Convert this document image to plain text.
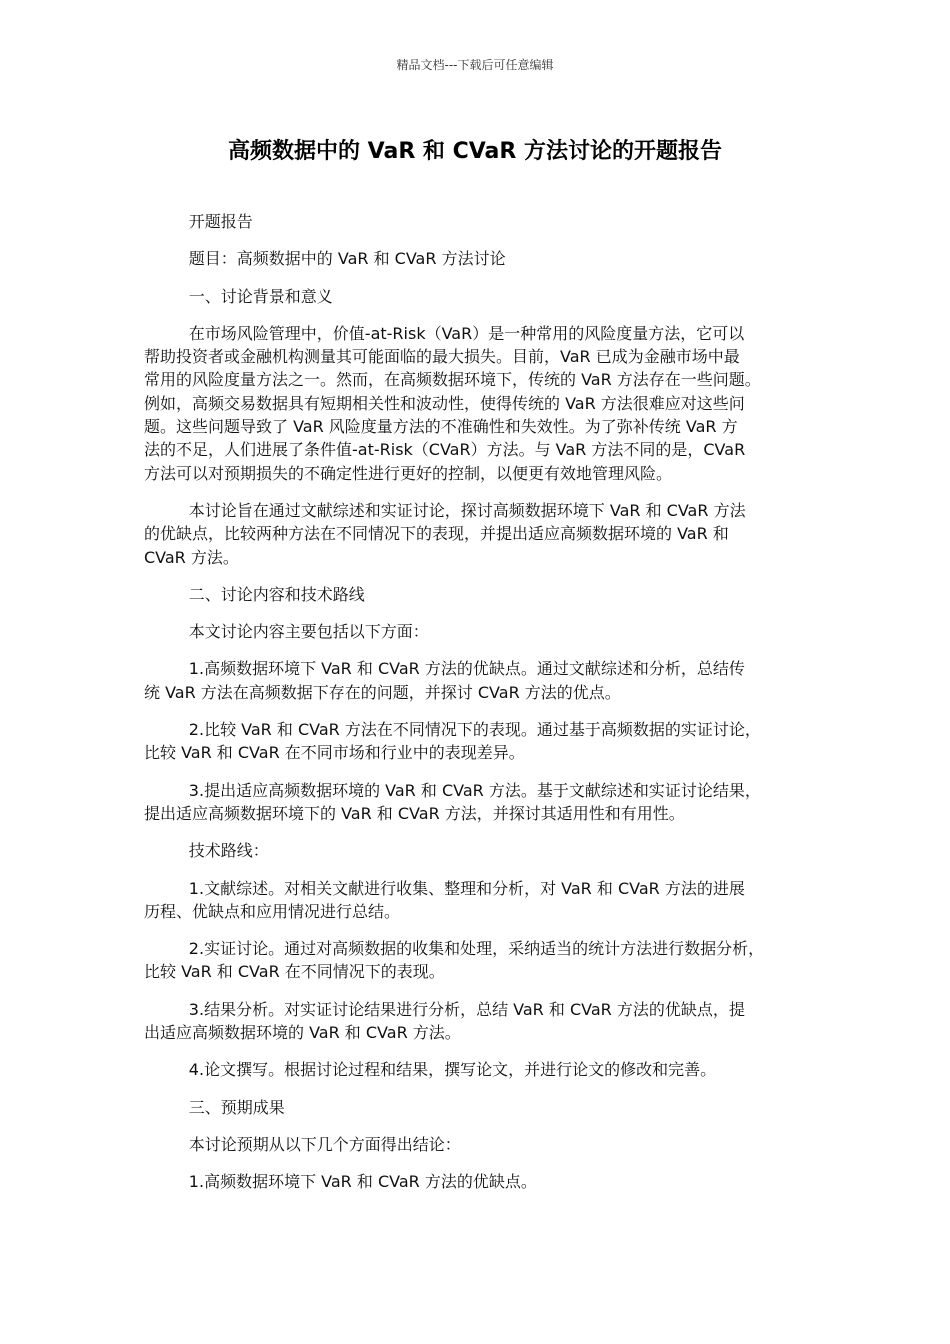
精品文档---下载后可任意编辑
高频数据中的 VaR 和 CVaR 方法讨论的开题报告

开题报告

题目：高频数据中的 VaR 和 CVaR 方法讨论

一、讨论背景和意义

在市场风险管理中，价值-at-Risk（VaR）是一种常用的风险度量方法，它可以
帮助投资者或金融机构测量其可能面临的最大损失。目前，VaR 已成为金融市场中最
常用的风险度量方法之一。然而，在高频数据环境下，传统的 VaR 方法存在一些问题。
例如，高频交易数据具有短期相关性和波动性，使得传统的 VaR 方法很难应对这些问
题。这些问题导致了 VaR 风险度量方法的不准确性和失效性。为了弥补传统 VaR 方
法的不足，人们进展了条件值-at-Risk（CVaR）方法。与 VaR 方法不同的是，CVaR
方法可以对预期损失的不确定性进行更好的控制，以便更有效地管理风险。

本讨论旨在通过文献综述和实证讨论，探讨高频数据环境下 VaR 和 CVaR 方法
的优缺点，比较两种方法在不同情况下的表现，并提出适应高频数据环境的 VaR 和
CVaR 方法。

二、讨论内容和技术路线

本文讨论内容主要包括以下方面：

1.高频数据环境下 VaR 和 CVaR 方法的优缺点。通过文献综述和分析，总结传
统 VaR 方法在高频数据下存在的问题，并探讨 CVaR 方法的优点。

2.比较 VaR 和 CVaR 方法在不同情况下的表现。通过基于高频数据的实证讨论，
比较 VaR 和 CVaR 在不同市场和行业中的表现差异。

3.提出适应高频数据环境的 VaR 和 CVaR 方法。基于文献综述和实证讨论结果，
提出适应高频数据环境下的 VaR 和 CVaR 方法，并探讨其适用性和有用性。

技术路线：

1.文献综述。对相关文献进行收集、整理和分析，对 VaR 和 CVaR 方法的进展
历程、优缺点和应用情况进行总结。

2.实证讨论。通过对高频数据的收集和处理，采纳适当的统计方法进行数据分析，
比较 VaR 和 CVaR 在不同情况下的表现。

3.结果分析。对实证讨论结果进行分析，总结 VaR 和 CVaR 方法的优缺点，提
出适应高频数据环境的 VaR 和 CVaR 方法。

4.论文撰写。根据讨论过程和结果，撰写论文，并进行论文的修改和完善。

三、预期成果

本讨论预期从以下几个方面得出结论：

1.高频数据环境下 VaR 和 CVaR 方法的优缺点。
